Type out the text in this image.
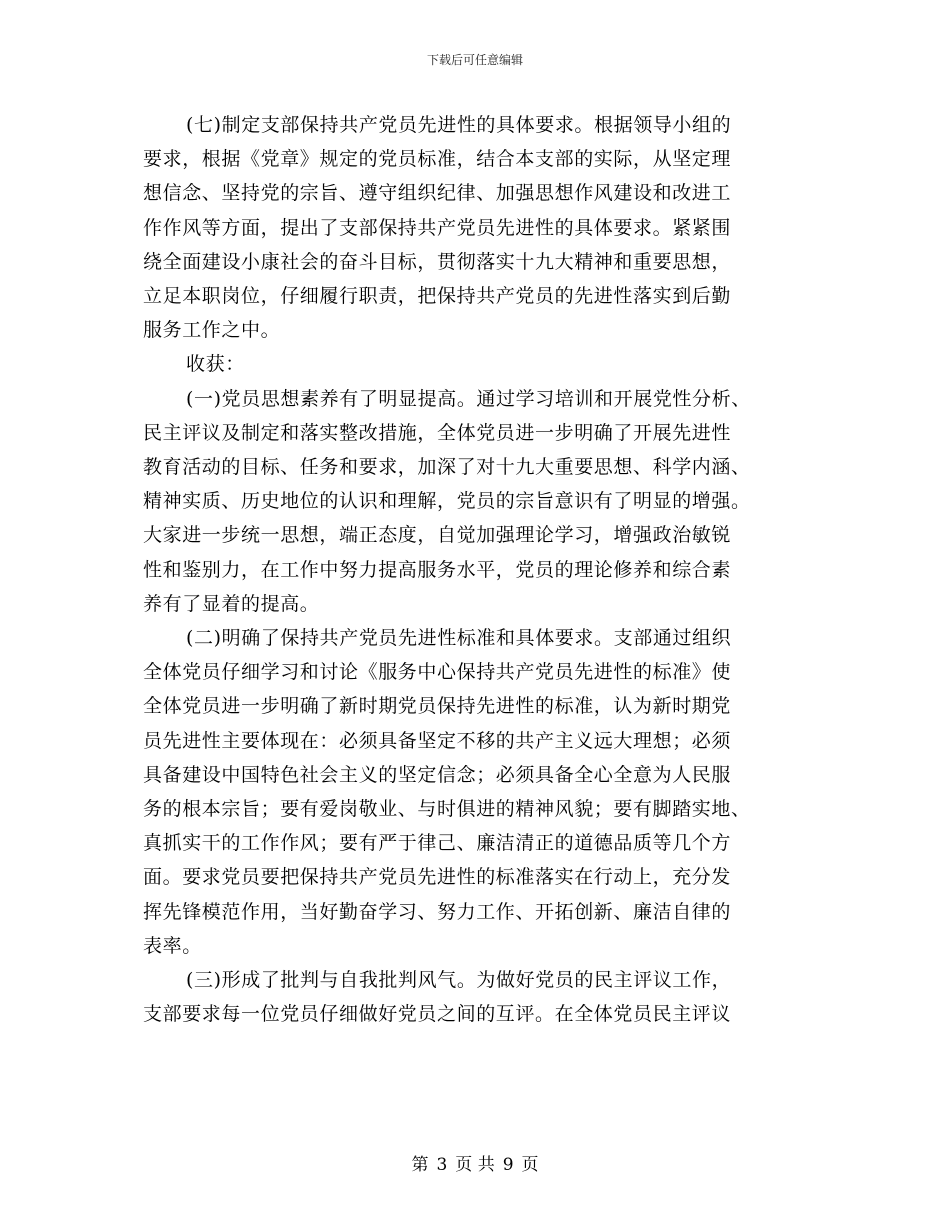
下载后可任意编辑

(七)制定支部保持共产党员先进性的具体要求。根据领导小组的
要求，根据《党章》规定的党员标准，结合本支部的实际，从坚定理
想信念、坚持党的宗旨、遵守组织纪律、加强思想作风建设和改进工
作作风等方面，提出了支部保持共产党员先进性的具体要求。紧紧围
绕全面建设小康社会的奋斗目标，贯彻落实十九大精神和重要思想，
立足本职岗位，仔细履行职责，把保持共产党员的先进性落实到后勤
服务工作之中。

收获：

(一)党员思想素养有了明显提高。通过学习培训和开展党性分析、
民主评议及制定和落实整改措施，全体党员进一步明确了开展先进性
教育活动的目标、任务和要求，加深了对十九大重要思想、科学内涵、
精神实质、历史地位的认识和理解，党员的宗旨意识有了明显的增强。
大家进一步统一思想，端正态度，自觉加强理论学习，增强政治敏锐
性和鉴别力，在工作中努力提高服务水平，党员的理论修养和综合素
养有了显着的提高。

(二)明确了保持共产党员先进性标准和具体要求。支部通过组织
全体党员仔细学习和讨论《服务中心保持共产党员先进性的标准》使
全体党员进一步明确了新时期党员保持先进性的标准，认为新时期党
员先进性主要体现在：必须具备坚定不移的共产主义远大理想；必须
具备建设中国特色社会主义的坚定信念；必须具备全心全意为人民服
务的根本宗旨；要有爱岗敬业、与时俱进的精神风貌；要有脚踏实地、
真抓实干的工作作风；要有严于律己、廉洁清正的道德品质等几个方
面。要求党员要把保持共产党员先进性的标准落实在行动上，充分发
挥先锋模范作用，当好勤奋学习、努力工作、开拓创新、廉洁自律的
表率。

(三)形成了批判与自我批判风气。为做好党员的民主评议工作，
支部要求每一位党员仔细做好党员之间的互评。在全体党员民主评议

第 3 页 共 9 页
